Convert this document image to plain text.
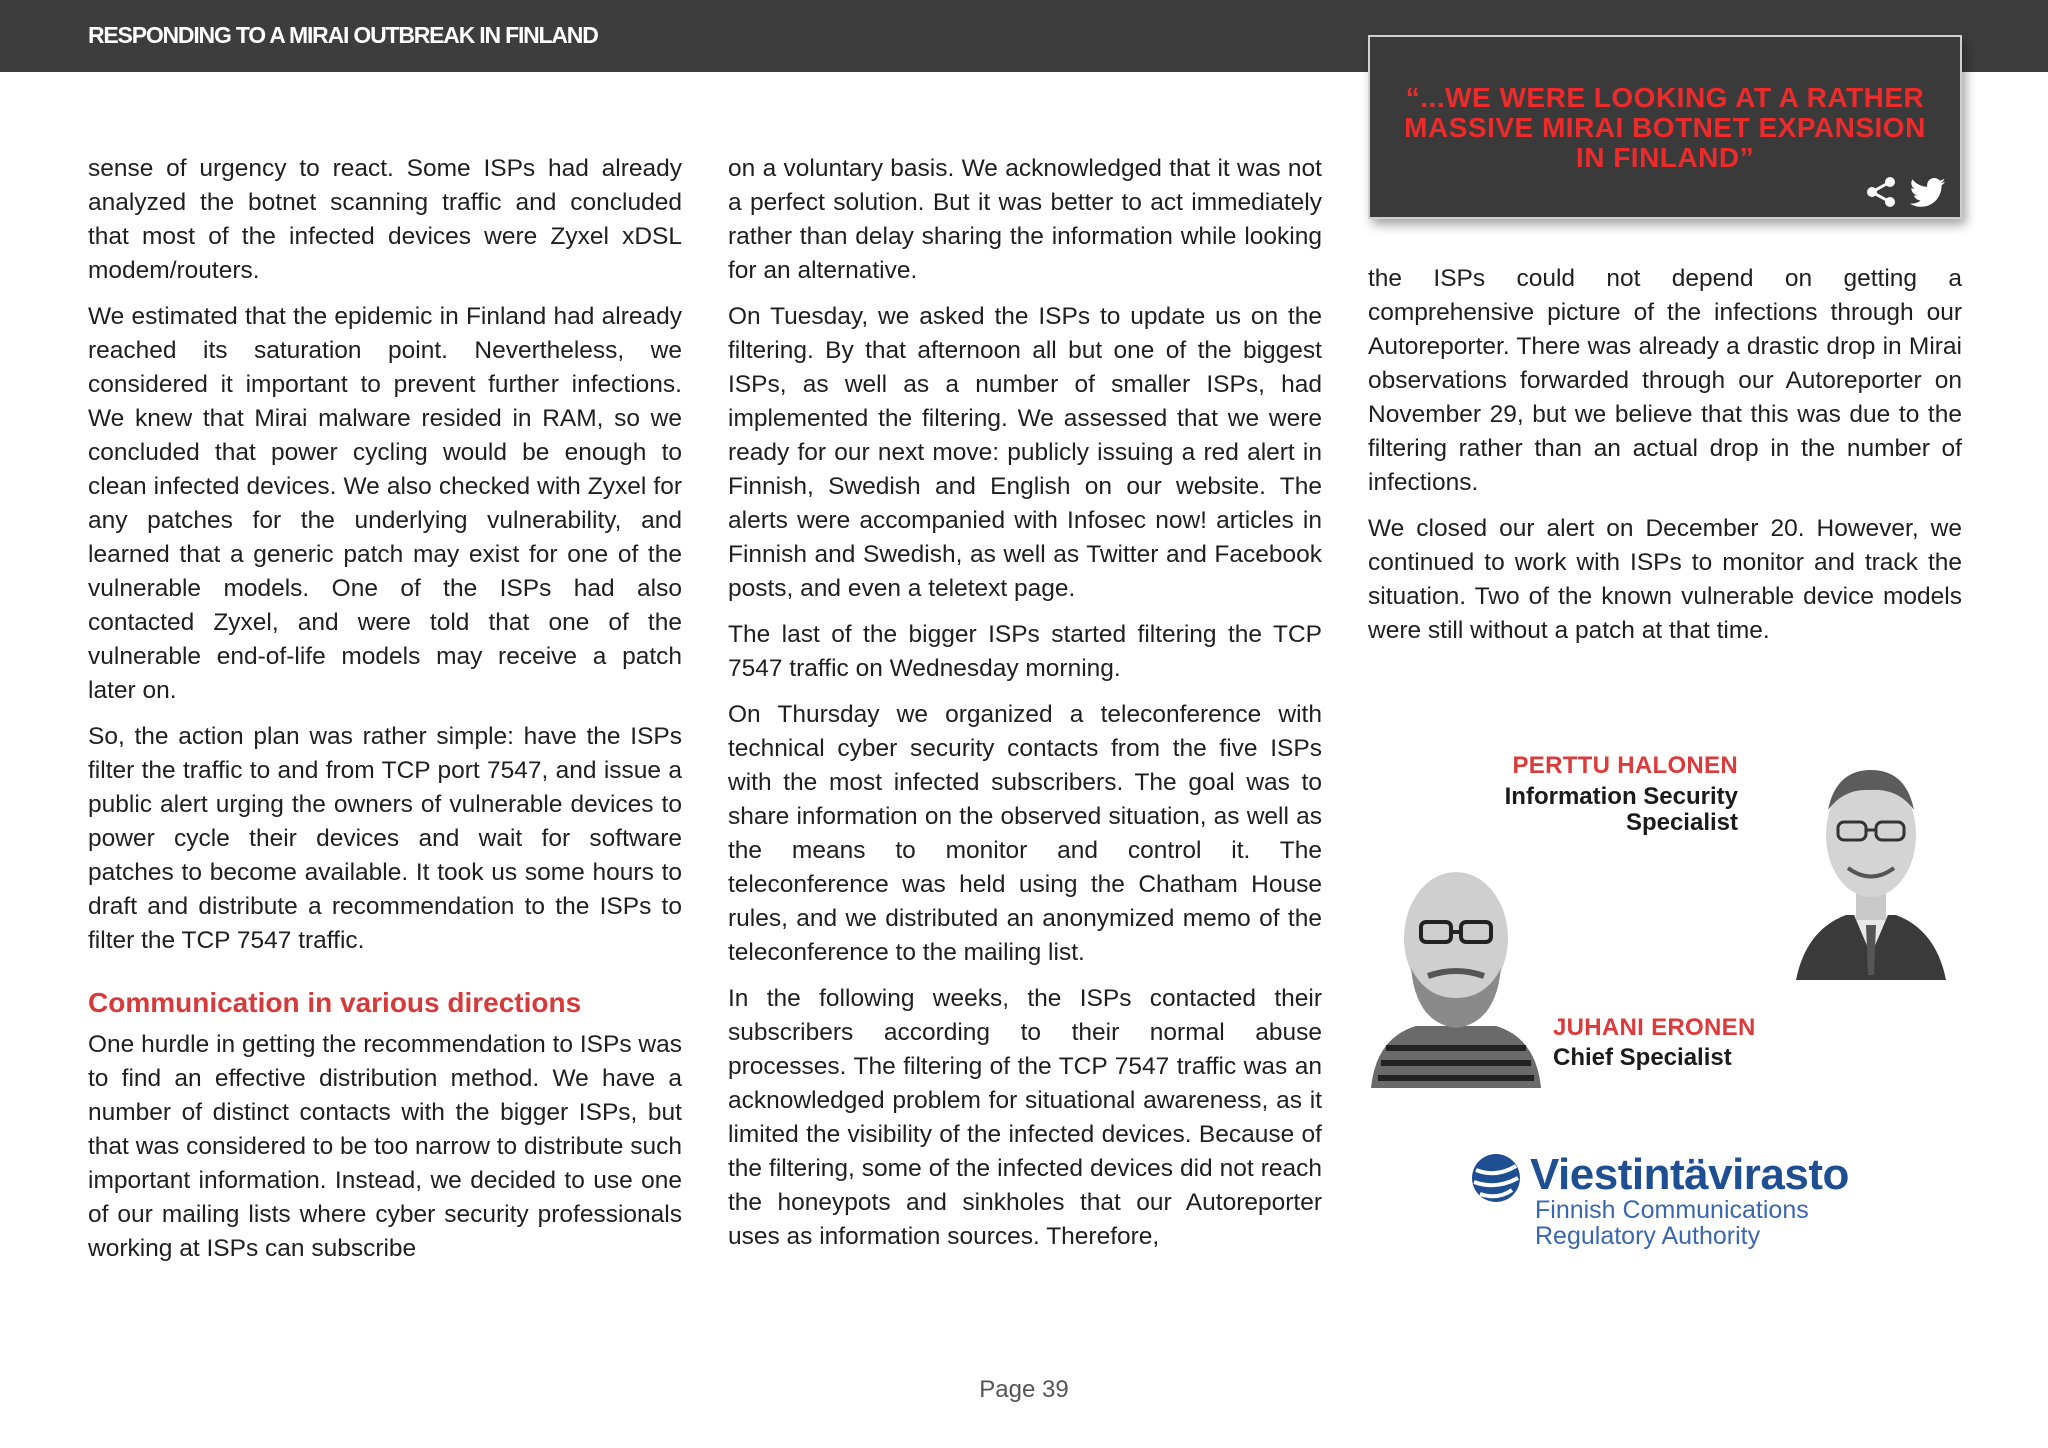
RESPONDING TO A MIRAI OUTBREAK IN FINLAND

sense of urgency to react. Some ISPs had already analyzed the botnet scanning traffic and concluded that most of the infected devices were Zyxel xDSL modem/routers.

We estimated that the epidemic in Finland had already reached its saturation point. Nevertheless, we considered it important to prevent further infections. We knew that Mirai malware resided in RAM, so we concluded that power cycling would be enough to clean infected devices. We also checked with Zyxel for any patches for the underlying vulnerability, and learned that a generic patch may exist for one of the vulnerable models. One of the ISPs had also contacted Zyxel, and were told that one of the vulnerable end-of-life models may receive a patch later on.

So, the action plan was rather simple: have the ISPs filter the traffic to and from TCP port 7547, and issue a public alert urging the owners of vulnerable devices to power cycle their devices and wait for software patches to become available. It took us some hours to draft and distribute a recommendation to the ISPs to filter the TCP 7547 traffic.

Communication in various directions

One hurdle in getting the recommendation to ISPs was to find an effective distribution method. We have a number of distinct contacts with the bigger ISPs, but that was considered to be too narrow to distribute such important information. Instead, we decided to use one of our mailing lists where cyber security professionals working at ISPs can subscribe

on a voluntary basis. We acknowledged that it was not a perfect solution. But it was better to act immediately rather than delay sharing the information while looking for an alternative.

On Tuesday, we asked the ISPs to update us on the filtering. By that afternoon all but one of the biggest ISPs, as well as a number of smaller ISPs, had implemented the filtering. We assessed that we were ready for our next move: publicly issuing a red alert in Finnish, Swedish and English on our website. The alerts were accompanied with Infosec now! articles in Finnish and Swedish, as well as Twitter and Facebook posts, and even a teletext page.

The last of the bigger ISPs started filtering the TCP 7547 traffic on Wednesday morning.

On Thursday we organized a teleconference with technical cyber security contacts from the five ISPs with the most infected subscribers. The goal was to share information on the observed situation, as well as the means to monitor and control it. The teleconference was held using the Chatham House rules, and we distributed an anonymized memo of the teleconference to the mailing list.

In the following weeks, the ISPs contacted their subscribers according to their normal abuse processes. The filtering of the TCP 7547 traffic was an acknowledged problem for situational awareness, as it limited the visibility of the infected devices. Because of the filtering, some of the infected devices did not reach the honeypots and sinkholes that our Autoreporter uses as information sources. Therefore,

“...WE WERE LOOKING AT A RATHER MASSIVE MIRAI BOTNET EXPANSION IN FINLAND”

the ISPs could not depend on getting a comprehensive picture of the infections through our Autoreporter. There was already a drastic drop in Mirai observations forwarded through our Autoreporter on November 29, but we believe that this was due to the filtering rather than an actual drop in the number of infections.

We closed our alert on December 20. However, we continued to work with ISPs to monitor and track the situation. Two of the known vulnerable device models were still without a patch at that time.

PERTTU HALONEN
Information Security Specialist
JUHANI ERONEN
Chief Specialist
Viestintävirasto
Finnish Communications
Regulatory Authority
Page 39
